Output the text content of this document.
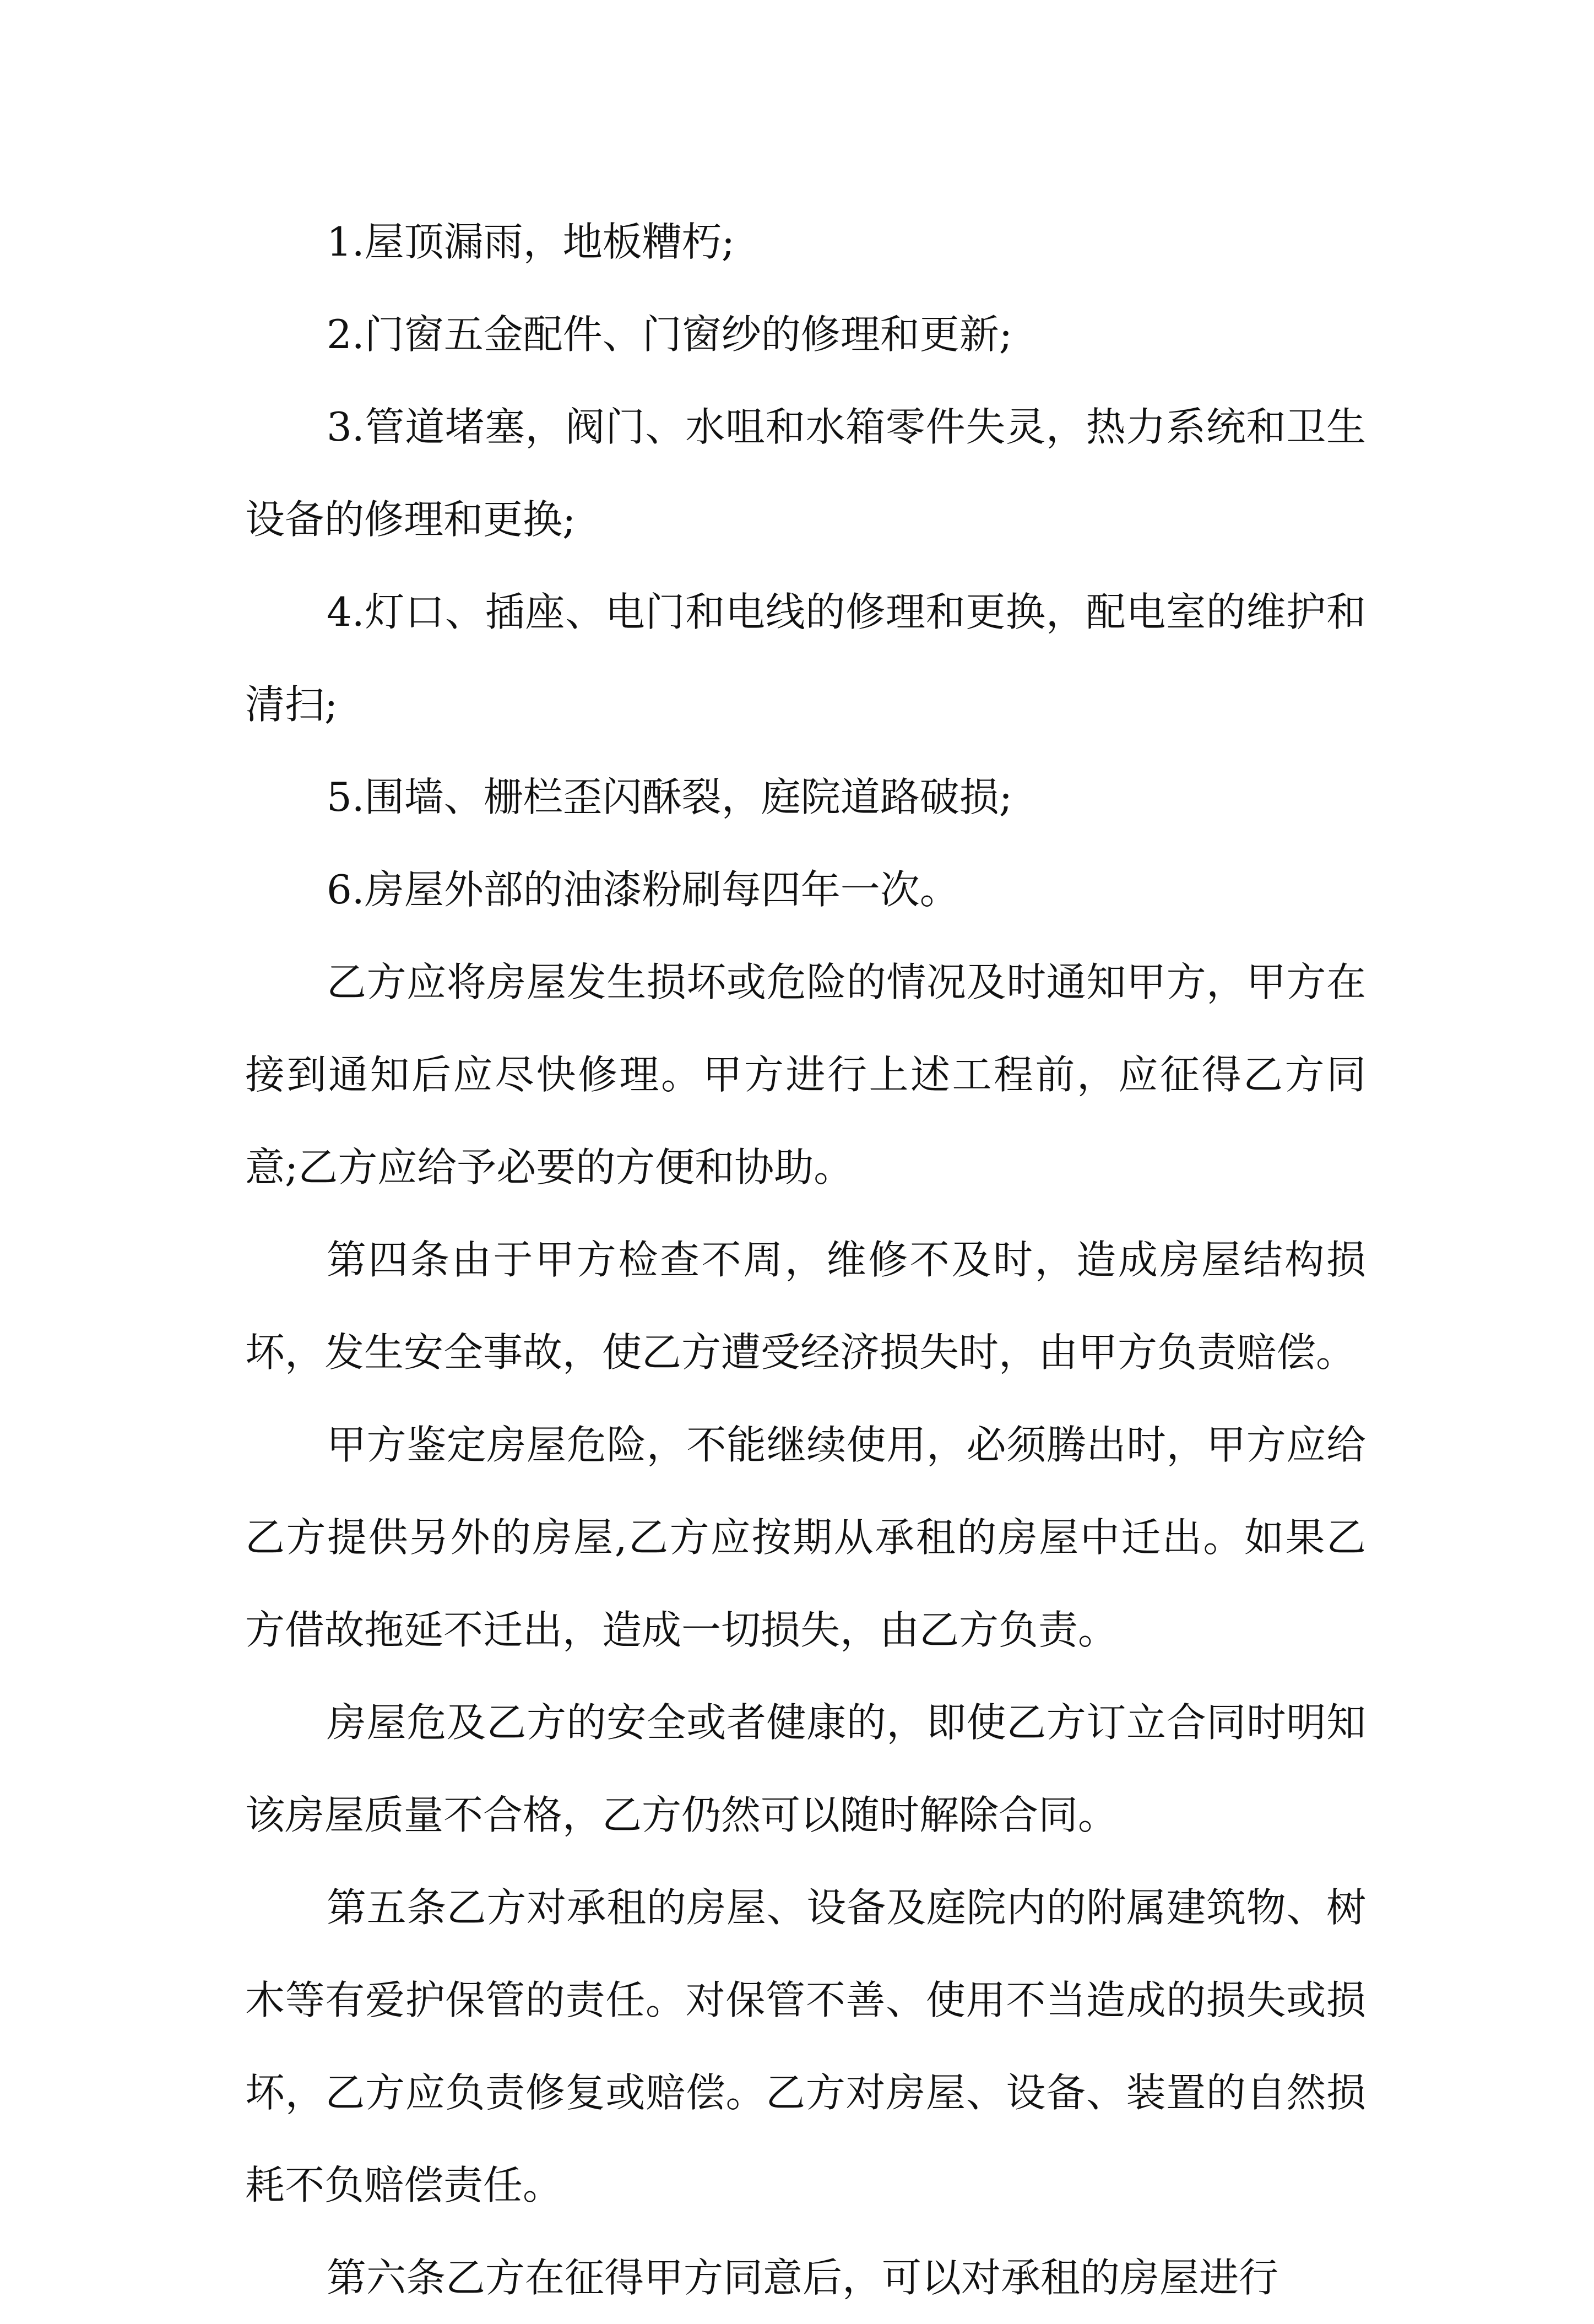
1.屋顶漏雨，地板糟朽;

2.门窗五金配件、门窗纱的修理和更新;

3.管道堵塞，阀门、水咀和水箱零件失灵，热力系统和卫生设备的修理和更换;

4.灯口、插座、电门和电线的修理和更换，配电室的维护和清扫;

5.围墙、栅栏歪闪酥裂，庭院道路破损;

6.房屋外部的油漆粉刷每四年一次。

乙方应将房屋发生损坏或危险的情况及时通知甲方，甲方在接到通知后应尽快修理。甲方进行上述工程前，应征得乙方同意;乙方应给予必要的方便和协助。

第四条由于甲方检查不周，维修不及时，造成房屋结构损坏，发生安全事故，使乙方遭受经济损失时，由甲方负责赔偿。

甲方鉴定房屋危险，不能继续使用，必须腾出时，甲方应给乙方提供另外的房屋,乙方应按期从承租的房屋中迁出。如果乙方借故拖延不迁出，造成一切损失，由乙方负责。

房屋危及乙方的安全或者健康的，即使乙方订立合同时明知该房屋质量不合格，乙方仍然可以随时解除合同。

第五条乙方对承租的房屋、设备及庭院内的附属建筑物、树木等有爱护保管的责任。对保管不善、使用不当造成的损失或损坏，乙方应负责修复或赔偿。乙方对房屋、设备、装置的自然损耗不负赔偿责任。

第六条乙方在征得甲方同意后，可以对承租的房屋进行
